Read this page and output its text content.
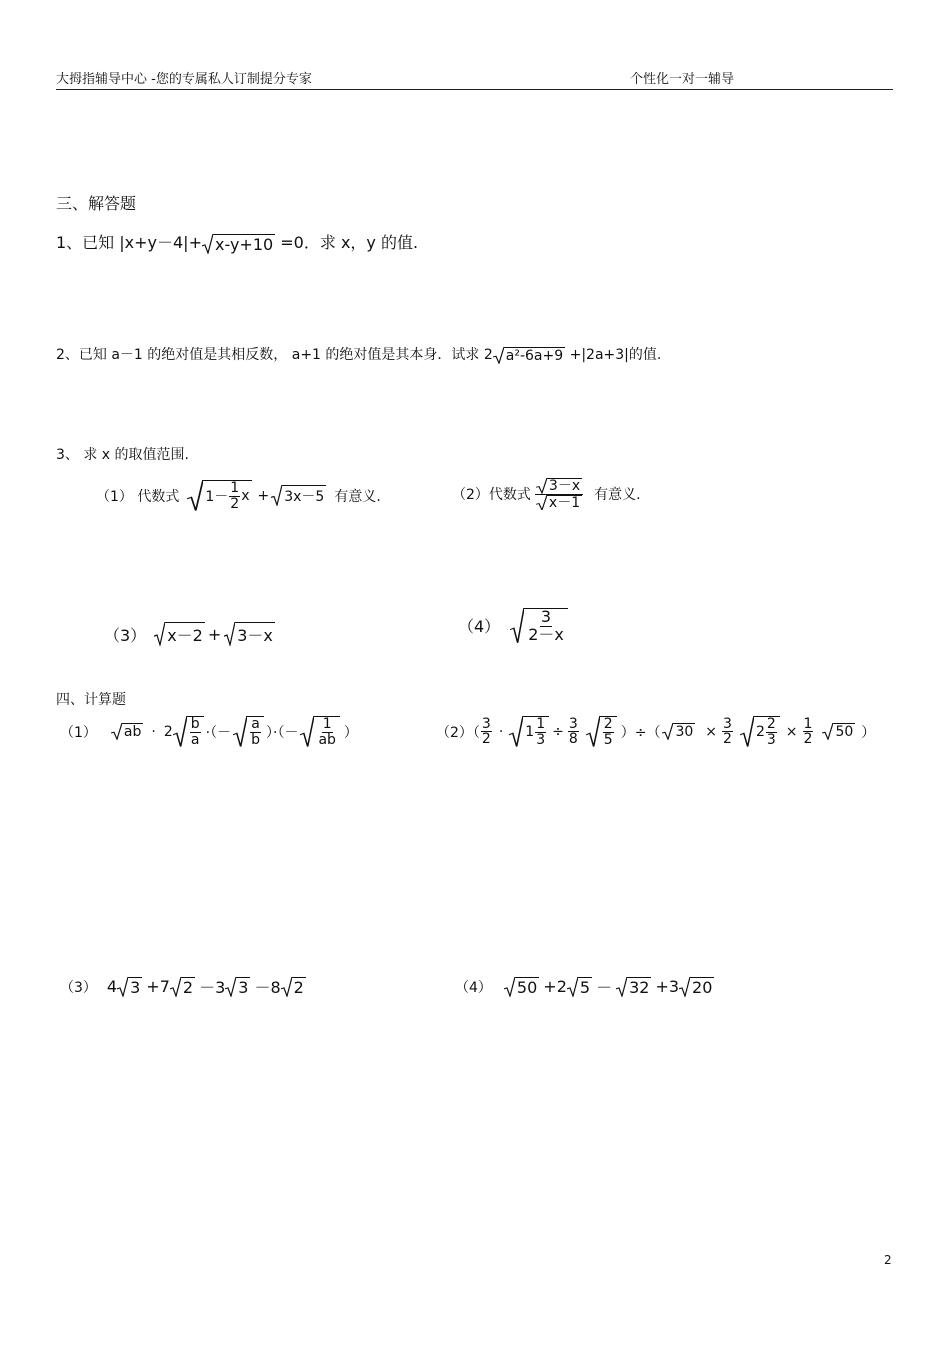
大拇指辅导中心 -您的专属私人订制提分专家	个性化一对一辅导
三、解答题
1、已知 |x+y－4|+ x-y+10 =0．求 x，y 的值.
2、已知 a－1 的绝对值是其相反数， a+1 的绝对值是其本身．试求 2 a²-6a+9 +|2a+3|的值.
3、 求 x 的取值范围.
（1） 代数式 $1- \frac{1}{2}$ x + 3x－5 有意义.	（2）代数式 $\frac{3-x}{x-1}$ 有意义.
（3） x－2 + 3－x	$(4) \frac{3}{2-x}$
四、计算题
（1） ab · $2 \frac{b}{a}$ ·（－ $\frac{a}{b}$ ）·（－ $\frac{1}{ab}$ ）	$(2)( \frac{3}{2} \cdot 1 \frac{1}{3} \div \frac{3}{8} \frac{2}{5}$ ）÷（ $30 \times \frac{3}{2} 2 \frac{2}{3} \times \frac{1}{2} 50$ ）
（3） 4 3 +7 2 －3 3 －8 2	（4） 50 +2 5 － 32 +3 20
2
